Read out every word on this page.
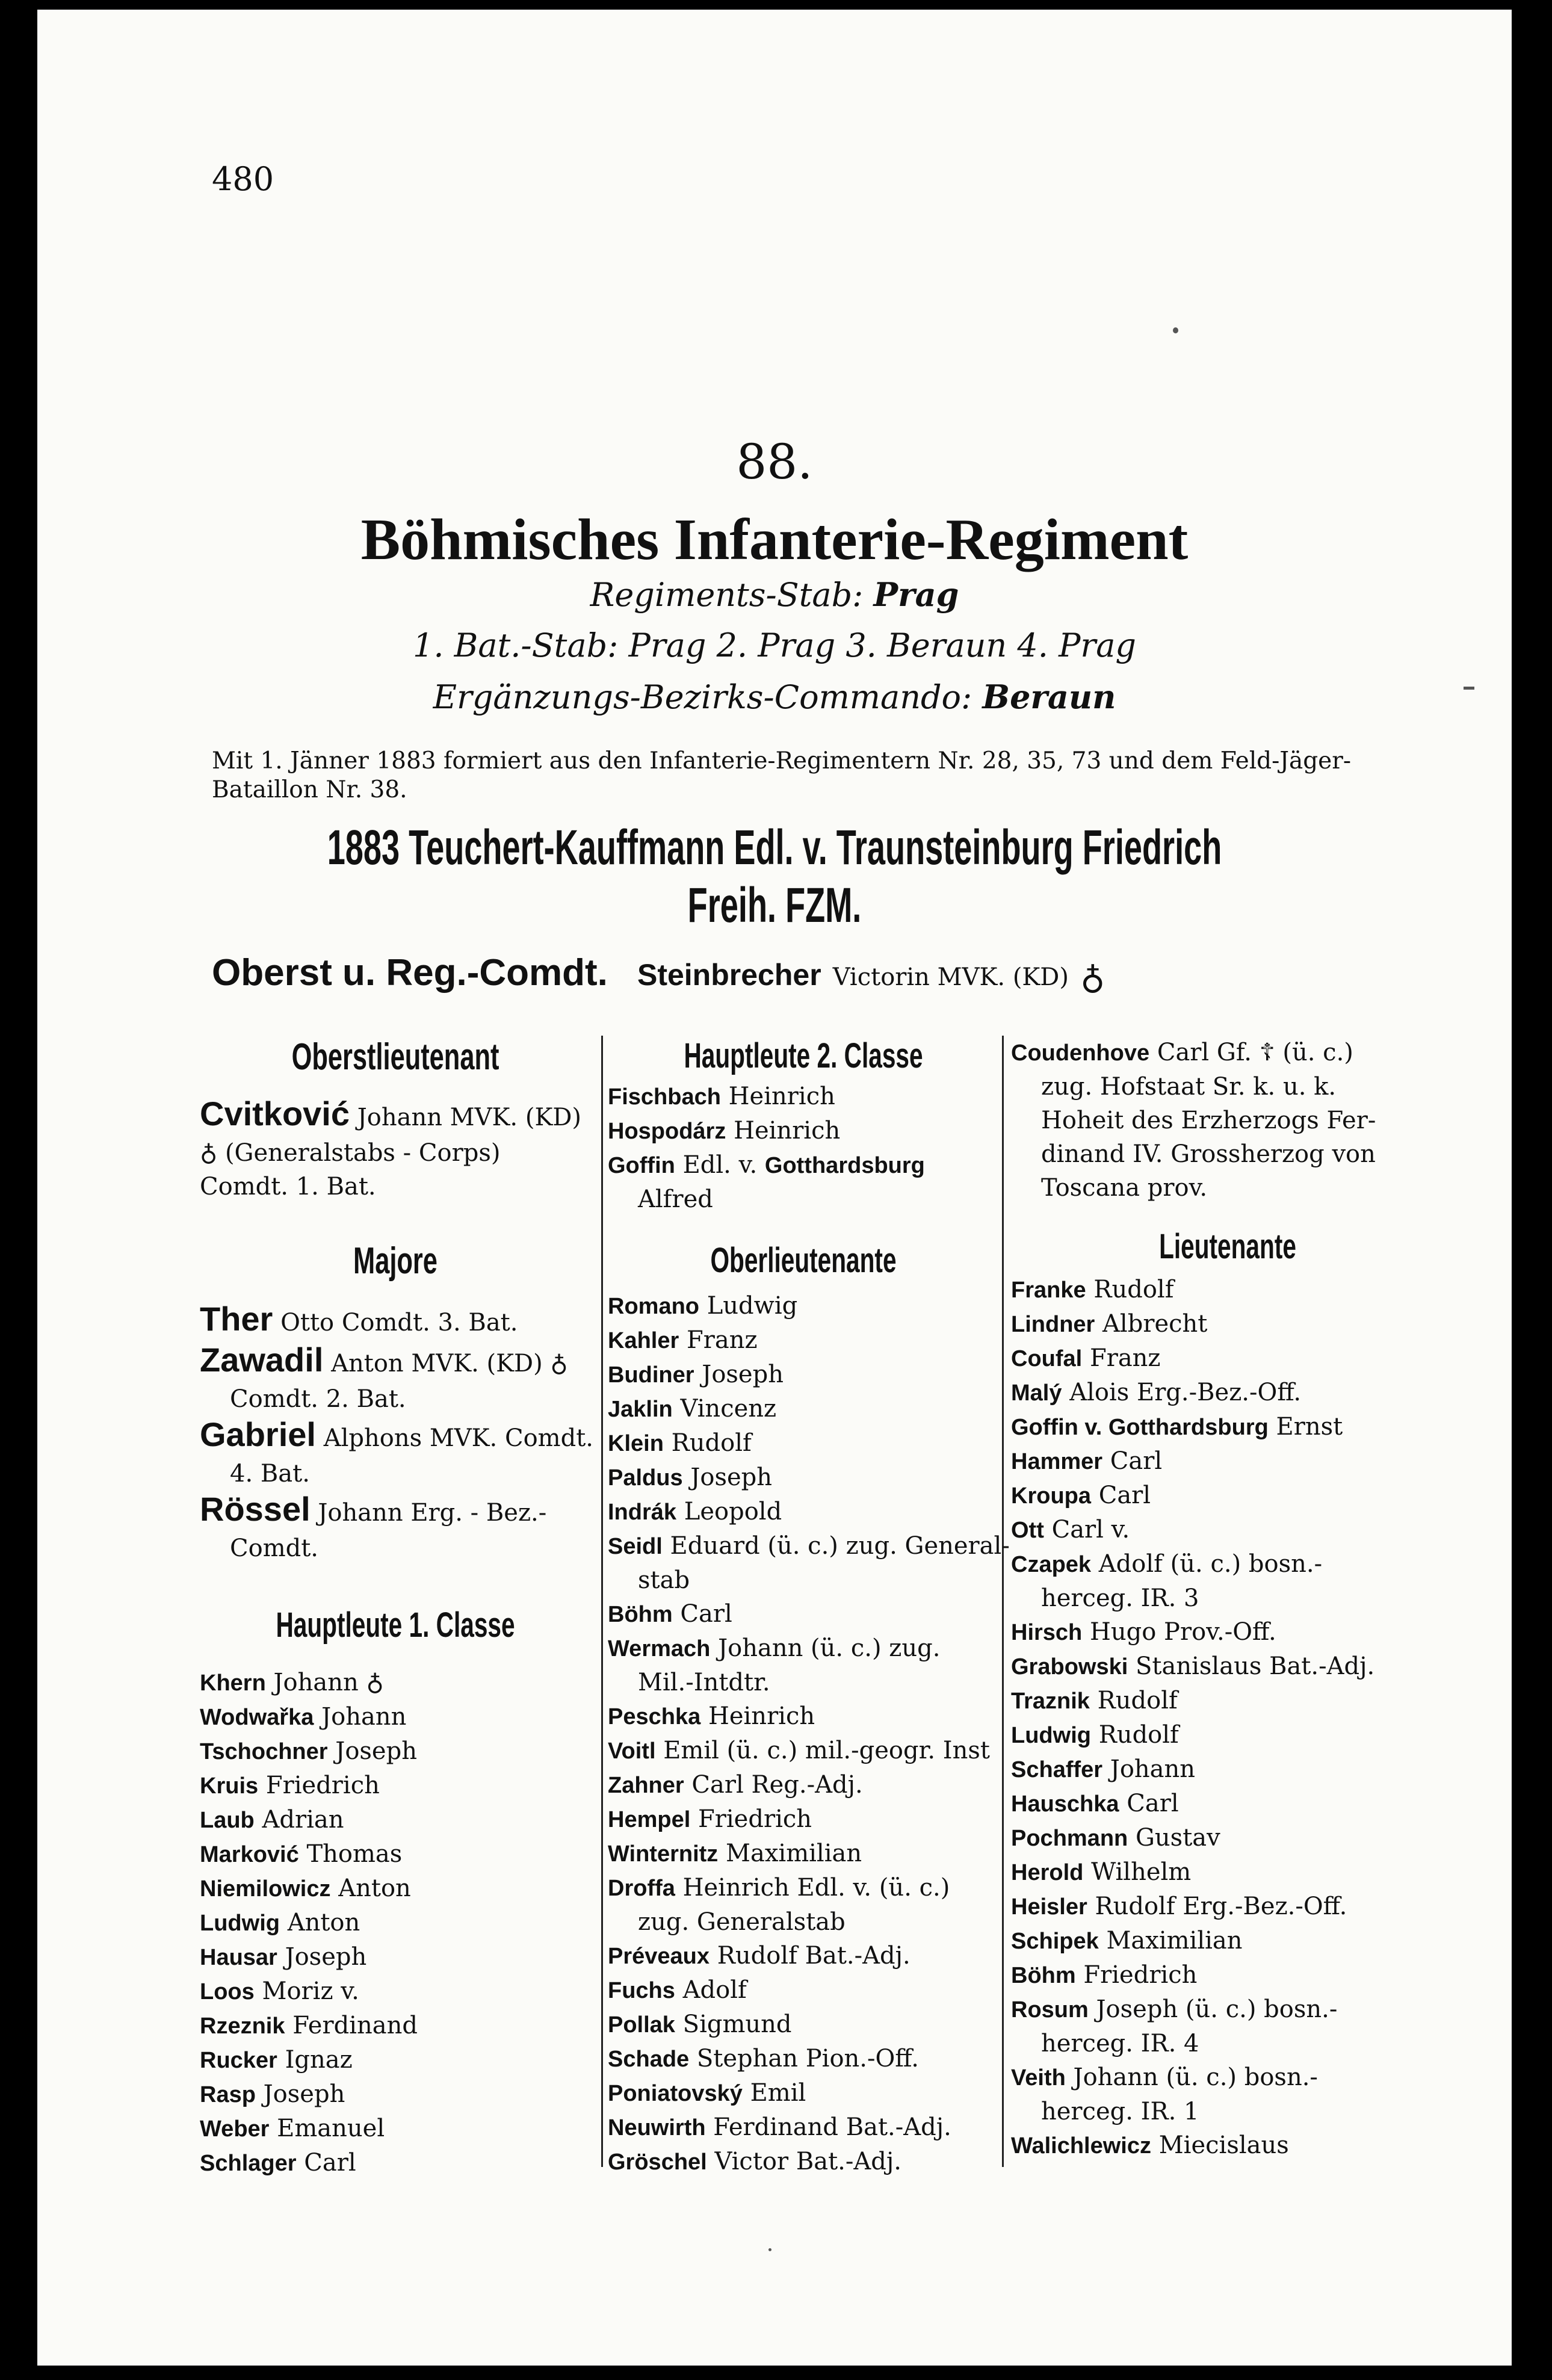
480
88.
Böhmisches Infanterie-Regiment
Regiments-Stab: Prag
1. Bat.-Stab: Prag 2. Prag 3. Beraun 4. Prag
Ergänzungs-Bezirks-Commando: Beraun
Mit 1. Jänner 1883 formiert aus den Infanterie-Regimentern Nr. 28, 35, 73 und dem Feld-Jäger-Bataillon Nr. 38.
1883 Teuchert-Kauffmann Edl. v. Traunsteinburg Friedrich Freih. FZM.
Oberst u. Reg.-Comdt. Steinbrecher Victorin MVK. (KD) ♁
Oberstlieutenant
Cvitković Johann MVK. (KD)
♁ (Generalstabs - Corps)
Comdt. 1. Bat.
Majore
Ther Otto Comdt. 3. Bat.
Zawadil Anton MVK. (KD) ♁
Comdt. 2. Bat.
Gabriel Alphons MVK. Comdt.
4. Bat.
Rössel Johann Erg. - Bez.-
Comdt.
Hauptleute 1. Classe
Khern Johann ♁
Wodwařka Johann
Tschochner Joseph
Kruis Friedrich
Laub Adrian
Marković Thomas
Niemilowicz Anton
Ludwig Anton
Hausar Joseph
Loos Moriz v.
Rzeznik Ferdinand
Rucker Ignaz
Rasp Joseph
Weber Emanuel
Schlager Carl
Hauptleute 2. Classe
Fischbach Heinrich
Hospodárz Heinrich
Goffin Edl. v. Gotthardsburg
Alfred
Oberlieutenante
Romano Ludwig
Kahler Franz
Budiner Joseph
Jaklin Vincenz
Klein Rudolf
Paldus Joseph
Indrák Leopold
Seidl Eduard (ü. c.) zug. General-
stab
Böhm Carl
Wermach Johann (ü. c.) zug.
Mil.-Intdtr.
Peschka Heinrich
Voitl Emil (ü. c.) mil.-geogr. Inst
Zahner Carl Reg.-Adj.
Hempel Friedrich
Winternitz Maximilian
Droffa Heinrich Edl. v. (ü. c.)
zug. Generalstab
Préveaux Rudolf Bat.-Adj.
Fuchs Adolf
Pollak Sigmund
Schade Stephan Pion.-Off.
Poniatovský Emil
Neuwirth Ferdinand Bat.-Adj.
Gröschel Victor Bat.-Adj.
Coudenhove Carl Gf. ☦ (ü. c.)
zug. Hofstaat Sr. k. u. k.
Hoheit des Erzherzogs Fer-
dinand IV. Grossherzog von
Toscana prov.
Lieutenante
Franke Rudolf
Lindner Albrecht
Coufal Franz
Malý Alois Erg.-Bez.-Off.
Goffin v. Gotthardsburg Ernst
Hammer Carl
Kroupa Carl
Ott Carl v.
Czapek Adolf (ü. c.) bosn.-
herceg. IR. 3
Hirsch Hugo Prov.-Off.
Grabowski Stanislaus Bat.-Adj.
Traznik Rudolf
Ludwig Rudolf
Schaffer Johann
Hauschka Carl
Pochmann Gustav
Herold Wilhelm
Heisler Rudolf Erg.-Bez.-Off.
Schipek Maximilian
Böhm Friedrich
Rosum Joseph (ü. c.) bosn.-
herceg. IR. 4
Veith Johann (ü. c.) bosn.-
herceg. IR. 1
Walichlewicz Miecislaus
